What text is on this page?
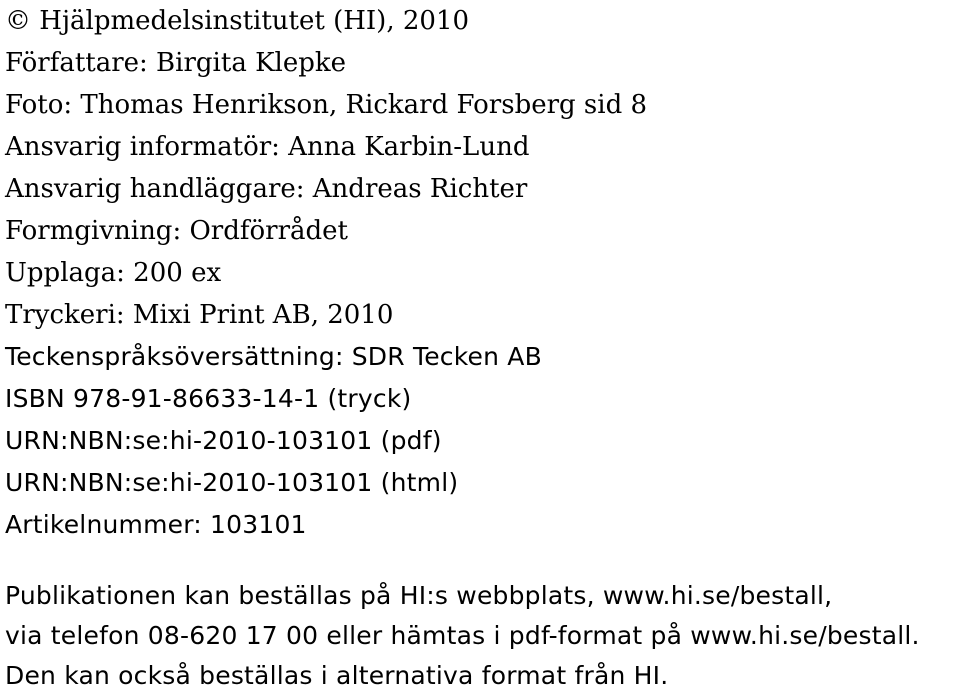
© Hjälpmedelsinstitutet (HI), 2010
Författare: Birgita Klepke
Foto: Thomas Henrikson, Rickard Forsberg sid 8
Ansvarig informatör: Anna Karbin-Lund
Ansvarig handläggare: Andreas Richter
Formgivning: Ordförrådet
Upplaga: 200 ex
Tryckeri: Mixi Print AB, 2010
Teckenspråksöversättning: SDR Tecken AB
ISBN 978-91-86633-14-1 (tryck)
URN:NBN:se:hi-2010-103101 (pdf)
URN:NBN:se:hi-2010-103101 (html)
Artikelnummer: 103101
Publikationen kan beställas på HI:s webbplats, www.hi.se/bestall,
via telefon 08-620 17 00 eller hämtas i pdf-format på www.hi.se/bestall.
Den kan också beställas i alternativa format från HI.
